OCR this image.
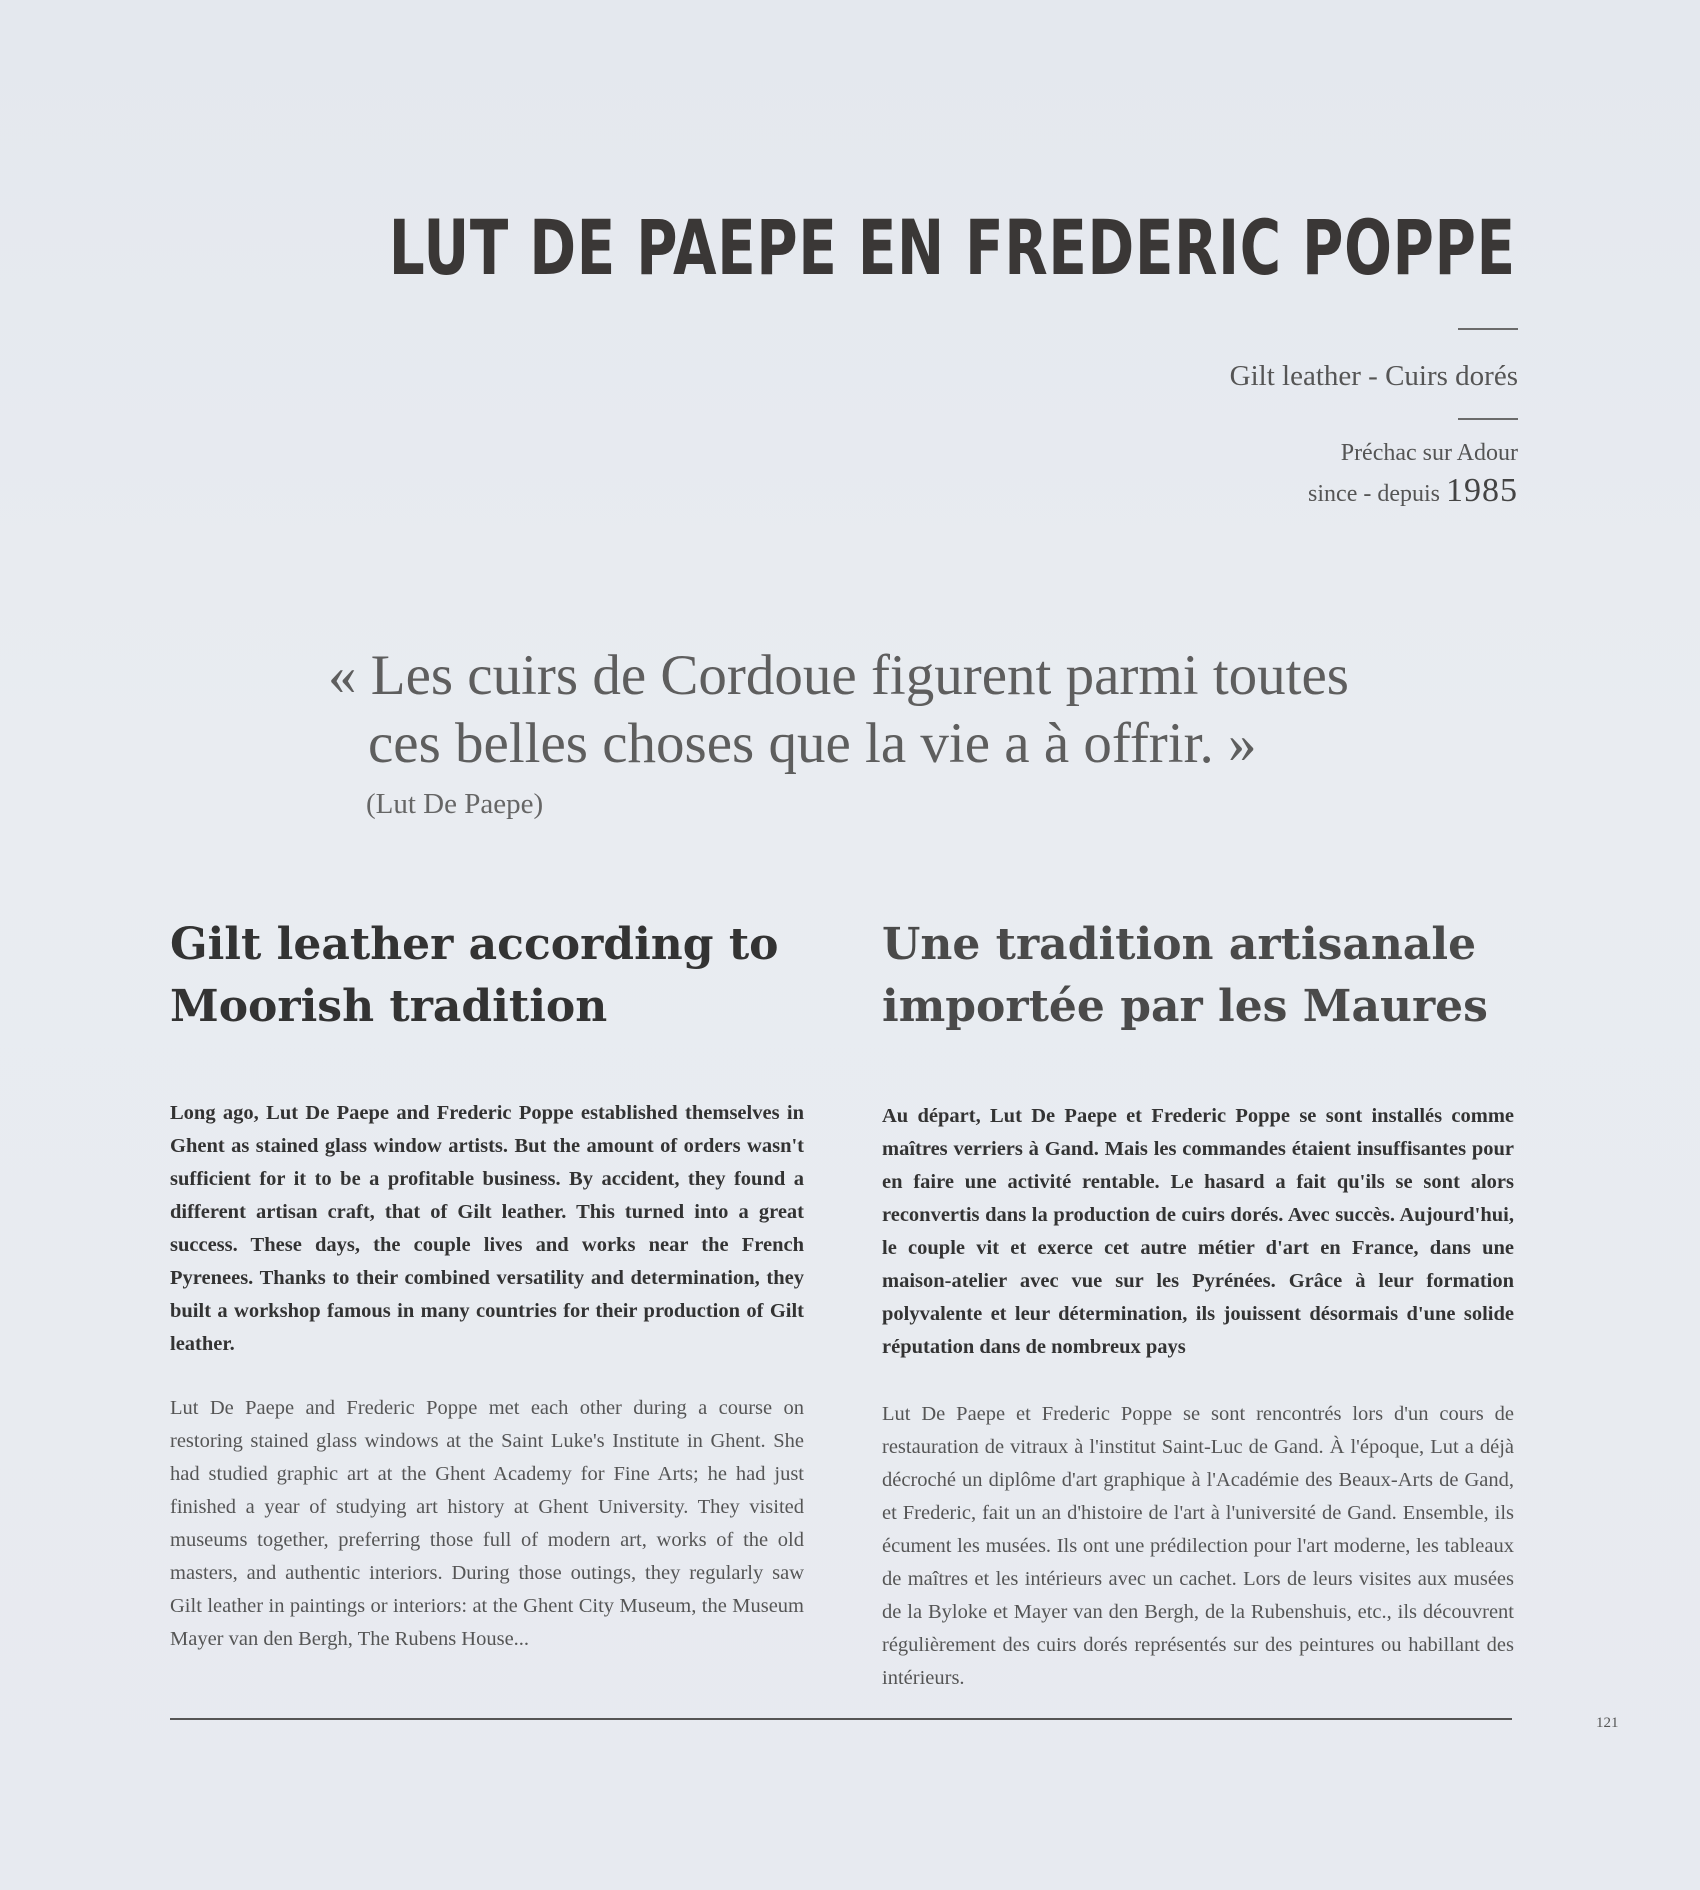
LUT DE PAEPE EN FREDERIC POPPE
Gilt leather - Cuirs dorés
Préchac sur Adour
since - depuis 1985
« Les cuirs de Cordoue figurent parmi toutes
ces belles choses que la vie a à offrir. »
(Lut De Paepe)
Gilt leather according to Moorish tradition
Une tradition artisanale importée par les Maures

Long ago, Lut De Paepe and Frederic Poppe established themselves in Ghent as stained glass window artists. But the amount of orders wasn't sufficient for it to be a profitable business. By accident, they found a different artisan craft, that of Gilt leather. This turned into a great success. These days, the couple lives and works near the French Pyrenees. Thanks to their combined versatility and determination, they built a workshop famous in many countries for their production of Gilt leather.

Lut De Paepe and Frederic Poppe met each other during a course on restoring stained glass windows at the Saint Luke's Institute in Ghent. She had studied graphic art at the Ghent Academy for Fine Arts; he had just finished a year of studying art history at Ghent University. They visited museums together, preferring those full of modern art, works of the old masters, and authentic interiors. During those outings, they regularly saw Gilt leather in paintings or interiors: at the Ghent City Museum, the Museum Mayer van den Bergh, The Rubens House...

Au départ, Lut De Paepe et Frederic Poppe se sont installés comme maîtres verriers à Gand. Mais les commandes étaient insuffisantes pour en faire une activité rentable. Le hasard a fait qu'ils se sont alors reconvertis dans la production de cuirs dorés. Avec succès. Aujourd'hui, le couple vit et exerce cet autre métier d'art en France, dans une maison-atelier avec vue sur les Pyrénées. Grâce à leur formation polyvalente et leur détermination, ils jouissent désormais d'une solide réputation dans de nombreux pays

Lut De Paepe et Frederic Poppe se sont rencontrés lors d'un cours de restauration de vitraux à l'institut Saint-Luc de Gand. À l'époque, Lut a déjà décroché un diplôme d'art graphique à l'Académie des Beaux-Arts de Gand, et Frederic, fait un an d'histoire de l'art à l'université de Gand. Ensemble, ils écument les musées. Ils ont une prédilection pour l'art moderne, les tableaux de maîtres et les intérieurs avec un cachet. Lors de leurs visites aux musées de la Byloke et Mayer van den Bergh, de la Rubenshuis, etc., ils découvrent régulièrement des cuirs dorés représentés sur des peintures ou habillant des intérieurs.

121
